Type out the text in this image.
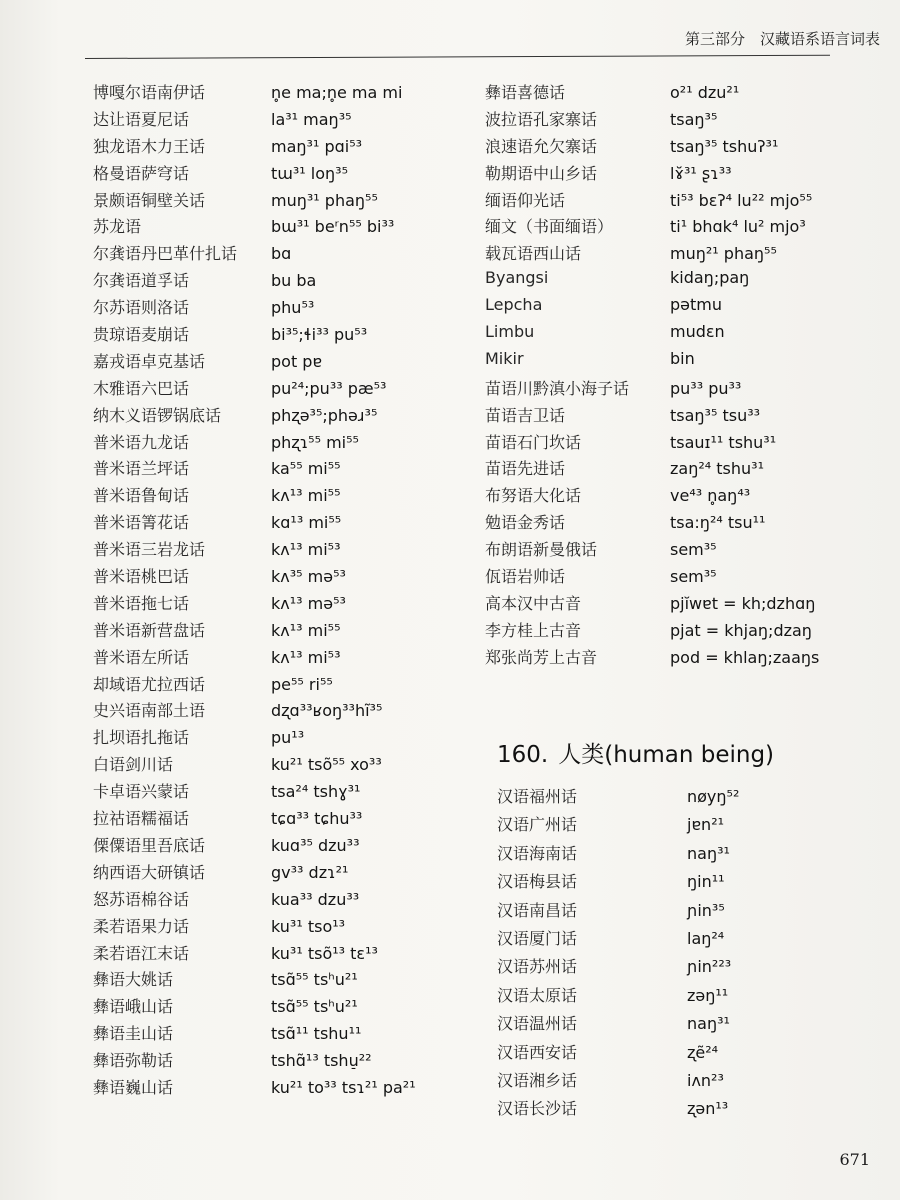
第三部分　汉藏语系语言词表
博嘎尔语南伊话	n̥e ma;n̥e ma mi
达让语夏尼话	la³¹ maŋ³⁵
独龙语木力王话	maŋ³¹ pɑi⁵³
格曼语萨穹话	tɯ³¹ loŋ³⁵
景颇语铜壁关话	muŋ³¹ phaŋ⁵⁵
苏龙语	bɯ³¹ beʳn⁵⁵ bi³³
尔龚语丹巴革什扎话	bɑ
尔龚语道孚话	bu ba
尔苏语则洛话	phu⁵³
贵琼语麦崩话	bi³⁵;ɬi³³ pu⁵³
嘉戎语卓克基话	pot pɐ
木雅语六巴话	pu²⁴;pu³³ pæ⁵³
纳木义语锣锅底话	phʐə³⁵;phəɹ³⁵
普米语九龙话	phʐɿ⁵⁵ mi⁵⁵
普米语兰坪话	ka⁵⁵ mi⁵⁵
普米语鲁甸话	kʌ¹³ mi⁵⁵
普米语箐花话	kɑ¹³ mi⁵⁵
普米语三岩龙话	kʌ¹³ mi⁵³
普米语桃巴话	kʌ³⁵ mə⁵³
普米语拖七话	kʌ¹³ mə⁵³
普米语新营盘话	kʌ¹³ mi⁵⁵
普米语左所话	kʌ¹³ mi⁵³
却域语尤拉西话	pe⁵⁵ ri⁵⁵
史兴语南部土语	dʐɑ³³ʁoŋ³³hĩ³⁵
扎坝语扎拖话	pu¹³
白语剑川话	ku²¹ tsõ⁵⁵ xo³³
卡卓语兴蒙话	tsa²⁴ tshɣ³¹
拉祜语糯福话	tɕɑ³³ tɕhu³³
傈僳语里吾底话	kuɑ³⁵ dzu³³
纳西语大研镇话	gv³³ dzɿ²¹
怒苏语棉谷话	kua³³ dzu³³
柔若语果力话	ku³¹ tso¹³
柔若语江末话	ku³¹ tsõ¹³ tɛ¹³
彝语大姚话	tsɑ̃⁵⁵ tsʰu²¹
彝语峨山话	tsɑ̃⁵⁵ tsʰu²¹
彝语圭山话	tsɑ̃¹¹ tshu¹¹
彝语弥勒话	tshɑ̃¹³ tshu̠²²
彝语巍山话	ku²¹ to³³ tsɿ²¹ pa²¹
彝语喜德话	o²¹ dzu²¹
波拉语孔家寨话	tsaŋ³⁵
浪速语允欠寨话	tsaŋ³⁵ tshuʔ³¹
勒期语中山乡话	lɤ̆³¹ ʂɿ³³
缅语仰光话	ti⁵³ bɛʔ⁴ lu²² mjo⁵⁵
缅文（书面缅语）	ti¹ bhɑk⁴ lu² mjo³
载瓦语西山话	muŋ²¹ phaŋ⁵⁵
Byangsi	kidaŋ;paŋ
Lepcha	pətmu
Limbu	mudɛn
Mikir	bin
苗语川黔滇小海子话	pu³³ pu³³
苗语吉卫话	tsaŋ³⁵ tsu³³
苗语石门坎话	tsauɪ¹¹ tshu³¹
苗语先进话	zaŋ²⁴ tshu³¹
布努语大化话	ve⁴³ n̥aŋ⁴³
勉语金秀话	tsa:ŋ²⁴ tsu¹¹
布朗语新曼俄话	sem³⁵
佤语岩帅话	sem³⁵
高本汉中古音	pjĭwɐt = kh;dzhɑŋ
李方桂上古音	pjat = khjaŋ;dzaŋ
郑张尚芳上古音	pod = khlaŋ;zaaŋs
160. 人类(human being)
汉语福州话	nøyŋ⁵²
汉语广州话	jɐn²¹
汉语海南话	naŋ³¹
汉语梅县话	ŋin¹¹
汉语南昌话	ɲin³⁵
汉语厦门话	laŋ²⁴
汉语苏州话	ɲin²²³
汉语太原话	zəŋ¹¹
汉语温州话	naŋ³¹
汉语西安话	ʐẽ²⁴
汉语湘乡话	iʌn²³
汉语长沙话	ʐən¹³
671
